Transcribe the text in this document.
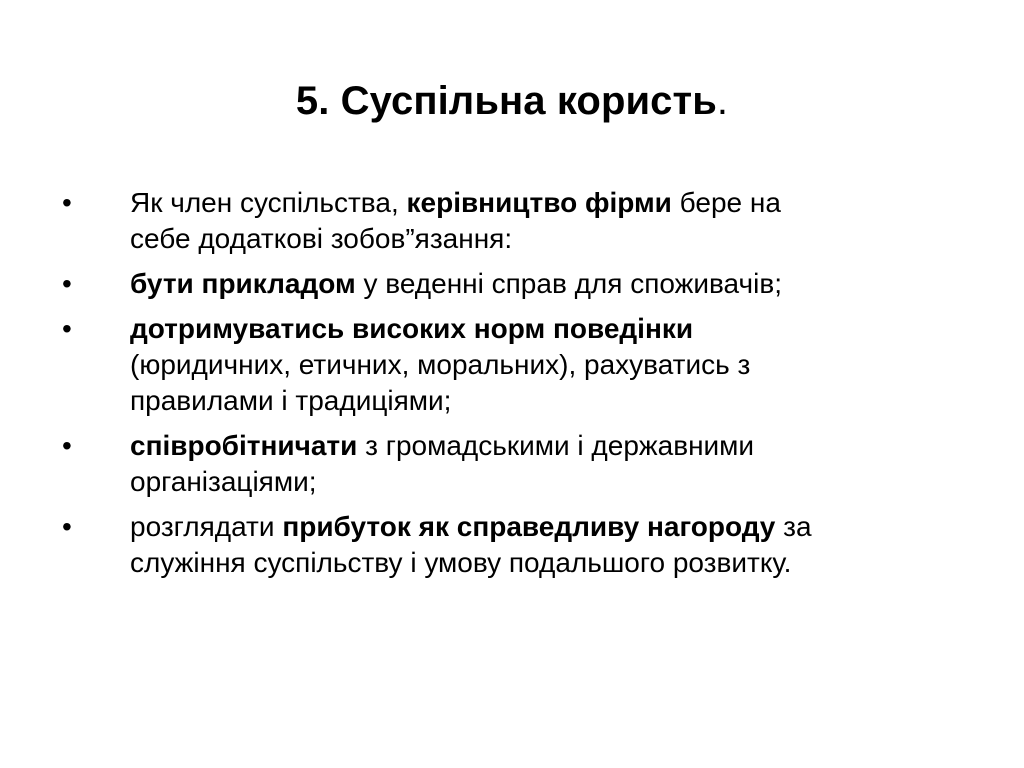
5. Суспільна користь.
• Як член суспільства, керівництво фірми бере на
себе додаткові зобов”язання:
• бути прикладом у веденні справ для споживачів;
• дотримуватись високих норм поведінки
(юридичних, етичних, моральних), рахуватись з
правилами і традиціями;
• співробітничати з громадськими і державними
організаціями;
• розглядати прибуток як справедливу нагороду за
служіння суспільству і умову подальшого розвитку.
